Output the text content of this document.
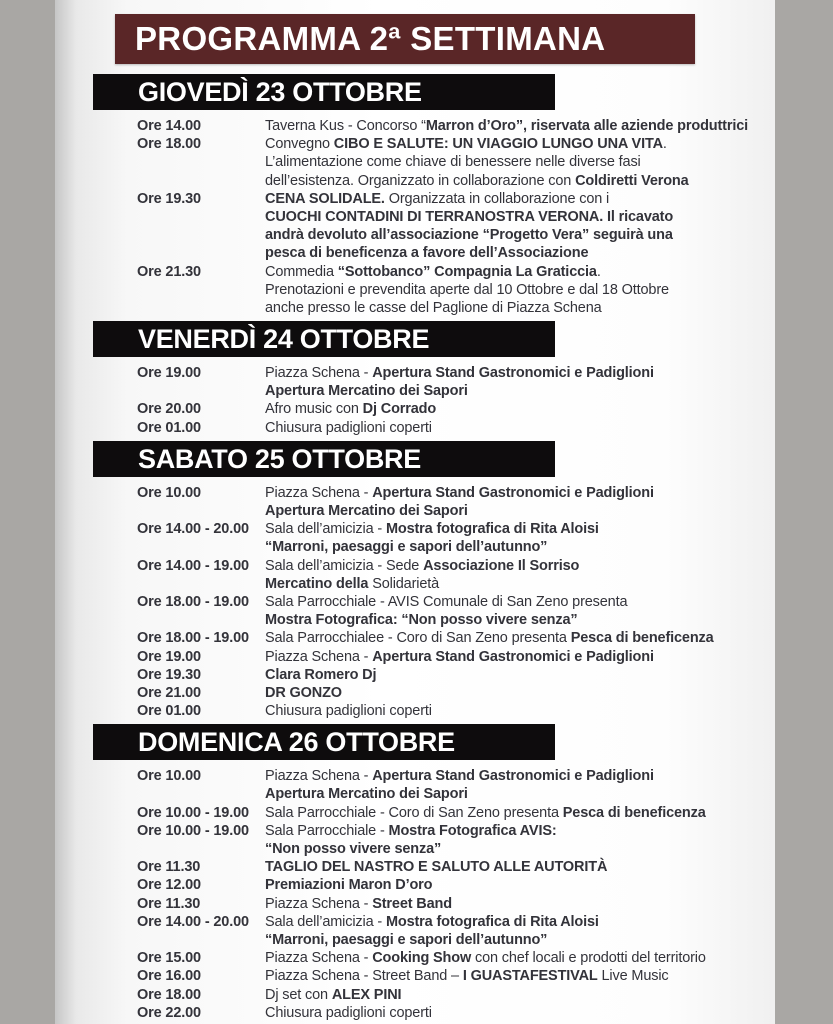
PROGRAMMA 2ª SETTIMANA
GIOVEDÌ 23 OTTOBRE
Ore 14.00	Taverna Kus - Concorso “Marron d’Oro”, riservata alle aziende produttrici
Ore 18.00	Convegno CIBO E SALUTE: UN VIAGGIO LUNGO UNA VITA.
L’alimentazione come chiave di benessere nelle diverse fasi
dell’esistenza. Organizzato in collaborazione con Coldiretti Verona
Ore 19.30	CENA SOLIDALE. Organizzata in collaborazione con i
CUOCHI CONTADINI DI TERRANOSTRA VERONA. Il ricavato
andrà devoluto all’associazione “Progetto Vera” seguirà una
pesca di beneficenza a favore dell’Associazione
Ore 21.30	Commedia “Sottobanco” Compagnia La Graticcia.
Prenotazioni e prevendita aperte dal 10 Ottobre e dal 18 Ottobre
anche presso le casse del Paglione di Piazza Schena
VENERDÌ 24 OTTOBRE
Ore 19.00	Piazza Schena - Apertura Stand Gastronomici e Padiglioni
Apertura Mercatino dei Sapori
Ore 20.00	Afro music con Dj Corrado
Ore 01.00	Chiusura padiglioni coperti
SABATO 25 OTTOBRE
Ore 10.00	Piazza Schena - Apertura Stand Gastronomici e Padiglioni
Apertura Mercatino dei Sapori
Ore 14.00 - 20.00	Sala dell’amicizia - Mostra fotografica di Rita Aloisi
“Marroni, paesaggi e sapori dell’autunno”
Ore 14.00 - 19.00	Sala dell’amicizia - Sede Associazione Il Sorriso
Mercatino della Solidarietà
Ore 18.00 - 19.00	Sala Parrocchiale - AVIS Comunale di San Zeno presenta
Mostra Fotografica: “Non posso vivere senza”
Ore 18.00 - 19.00	Sala Parrocchialee - Coro di San Zeno presenta Pesca di beneficenza
Ore 19.00	Piazza Schena - Apertura Stand Gastronomici e Padiglioni
Ore 19.30	Clara Romero Dj
Ore 21.00	DR GONZO
Ore 01.00	Chiusura padiglioni coperti
DOMENICA 26 OTTOBRE
Ore 10.00	Piazza Schena - Apertura Stand Gastronomici e Padiglioni
Apertura Mercatino dei Sapori
Ore 10.00 - 19.00	Sala Parrocchiale - Coro di San Zeno presenta Pesca di beneficenza
Ore 10.00 - 19.00	Sala Parrocchiale - Mostra Fotografica AVIS:
“Non posso vivere senza”
Ore 11.30	TAGLIO DEL NASTRO E SALUTO ALLE AUTORITÀ
Ore 12.00	Premiazioni Maron D’oro
Ore 11.30	Piazza Schena - Street Band
Ore 14.00 - 20.00	Sala dell’amicizia - Mostra fotografica di Rita Aloisi
“Marroni, paesaggi e sapori dell’autunno”
Ore 15.00	Piazza Schena - Cooking Show con chef locali e prodotti del territorio
Ore 16.00	Piazza Schena - Street Band – I GUASTAFESTIVAL Live Music
Ore 18.00	Dj set con ALEX PINI
Ore 22.00	Chiusura padiglioni coperti
